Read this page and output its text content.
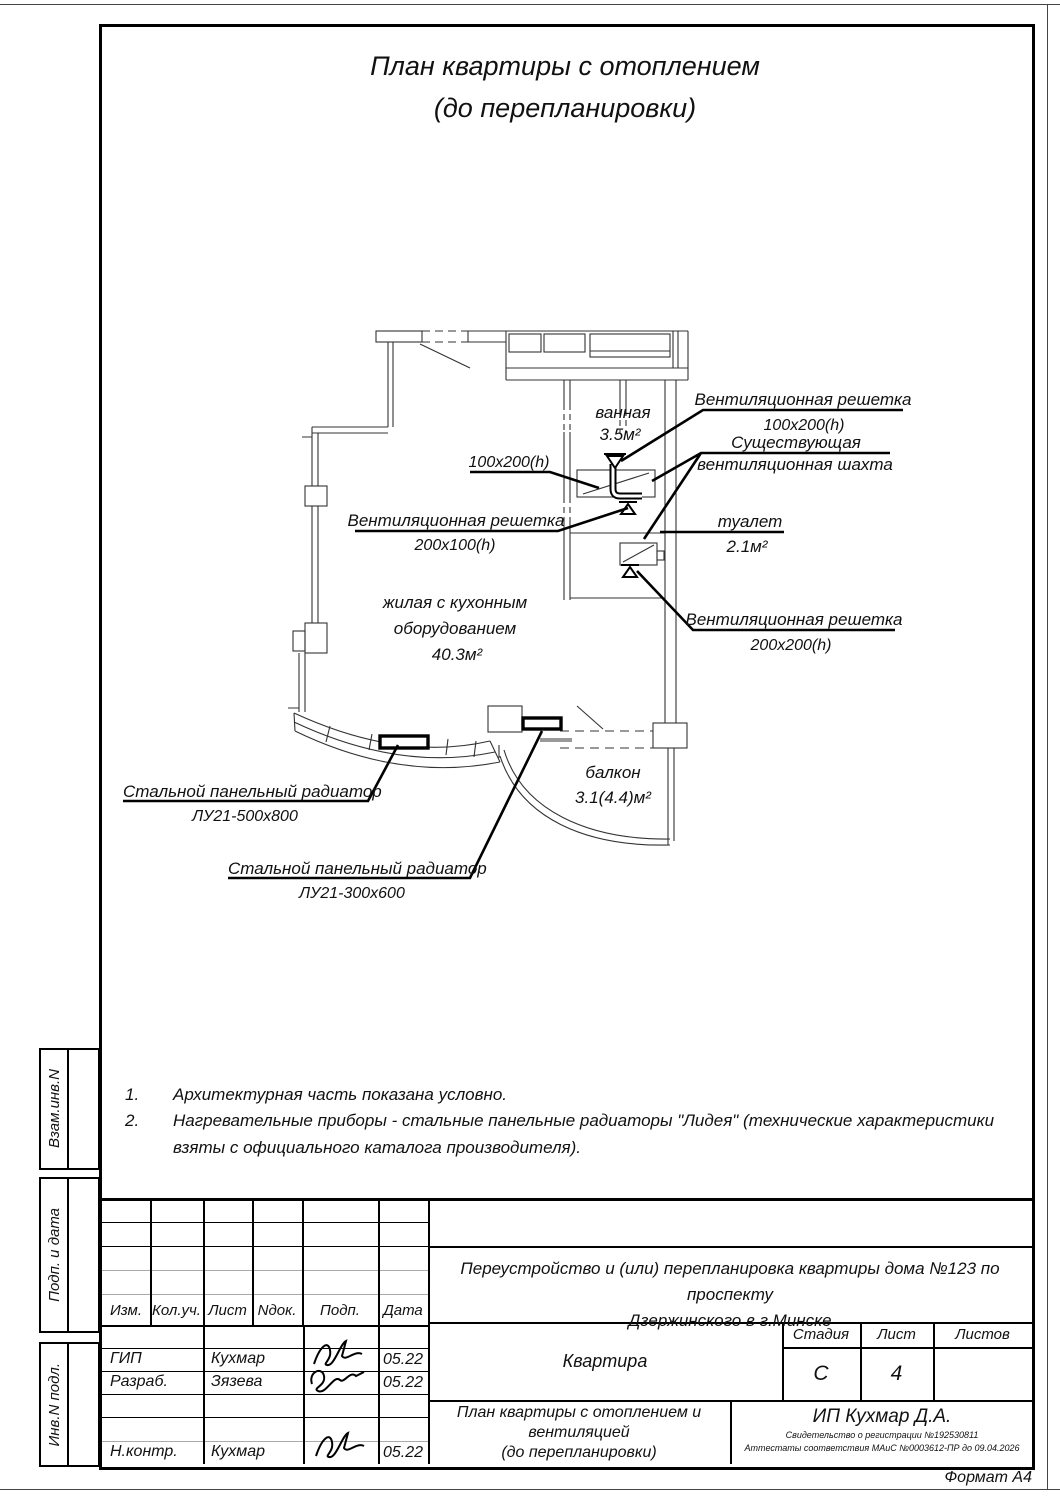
План квартиры с отоплением
(до перепланировки)
ванная
3.5м²
100x200(h)
Вентиляционная решетка
200x100(h)
Вентиляционная решетка
100x200(h)
Существующая
вентиляционная шахта
туалет
2.1м²
Вентиляционная решетка
200x200(h)
жилая с кухонным
оборудованием
40.3м²
балкон
3.1(4.4)м²
Стальной панельный радиатор
ЛУ21-500x800
Стальной панельный радиатор
ЛУ21-300x600
1.	Архитектурная часть показана условно.
2.	Нагревательные приборы - стальные панельные радиаторы "Лидея" (технические характеристики взяты с официального каталога производителя).
Взам.инв.N
Подп. и дата
Инв.N подл.
Изм. Кол.уч. Лист Nдок.	Подп.	Дата
ГИП	Кухмар	05.22
Разраб.	Зязева	05.22
Н.контр.	Кухмар	05.22
Переустройство и (или) перепланировка квартиры дома №123 по проспекту
Дзержинского в г.Минске
Квартира
Стадия	Лист	Листов
С	4
План квартиры с отоплением и
вентиляцией
(до перепланировки)
ИП Кухмар Д.А.
Свидетельство о регистрации №192530811
Аттестаты соответствия МАиС №0003612-ПР до 09.04.2026
Формат А4
